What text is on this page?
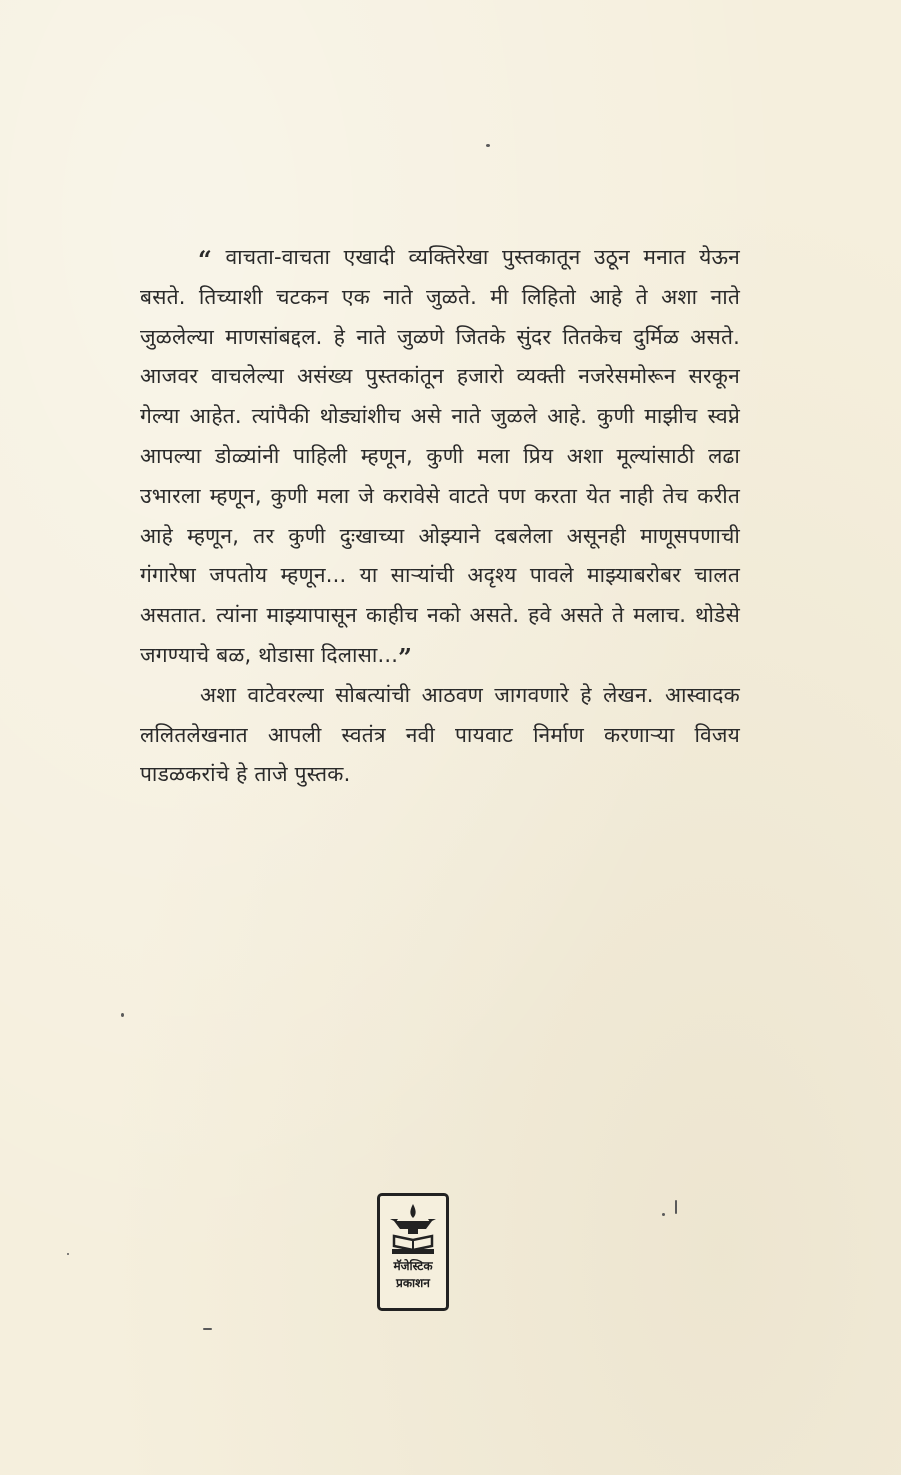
“ वाचता-वाचता एखादी व्यक्तिरेखा पुस्तकातून उठून मनात येऊन बसते. तिच्याशी चटकन एक नाते जुळते. मी लिहितो आहे ते अशा नाते जुळलेल्या माणसांबद्दल. हे नाते जुळणे जितके सुंदर तितकेच दुर्मिळ असते. आजवर वाचलेल्या असंख्य पुस्तकांतून हजारो व्यक्ती नजरेसमोरून सरकून गेल्या आहेत. त्यांपैकी थोड्यांशीच असे नाते जुळले आहे. कुणी माझीच स्वप्ने आपल्या डोळ्यांनी पाहिली म्हणून, कुणी मला प्रिय अशा मूल्यांसाठी लढा उभारला म्हणून, कुणी मला जे करावेसे वाटते पण करता येत नाही तेच करीत आहे म्हणून, तर कुणी दुःखाच्या ओझ्याने दबलेला असूनही माणूसपणाची गंगारेषा जपतोय म्हणून... या साऱ्यांची अदृश्य पावले माझ्याबरोबर चालत असतात. त्यांना माझ्यापासून काहीच नको असते. हवे असते ते मलाच. थोडेसे जगण्याचे बळ, थोडासा दिलासा...”

अशा वाटेवरल्या सोबत्यांची आठवण जागवणारे हे लेखन. आस्वादक ललितलेखनात आपली स्वतंत्र नवी पायवाट निर्माण करणाऱ्या विजय पाडळकरांचे हे ताजे पुस्तक.

मॅजेस्टिक
प्रकाशन
